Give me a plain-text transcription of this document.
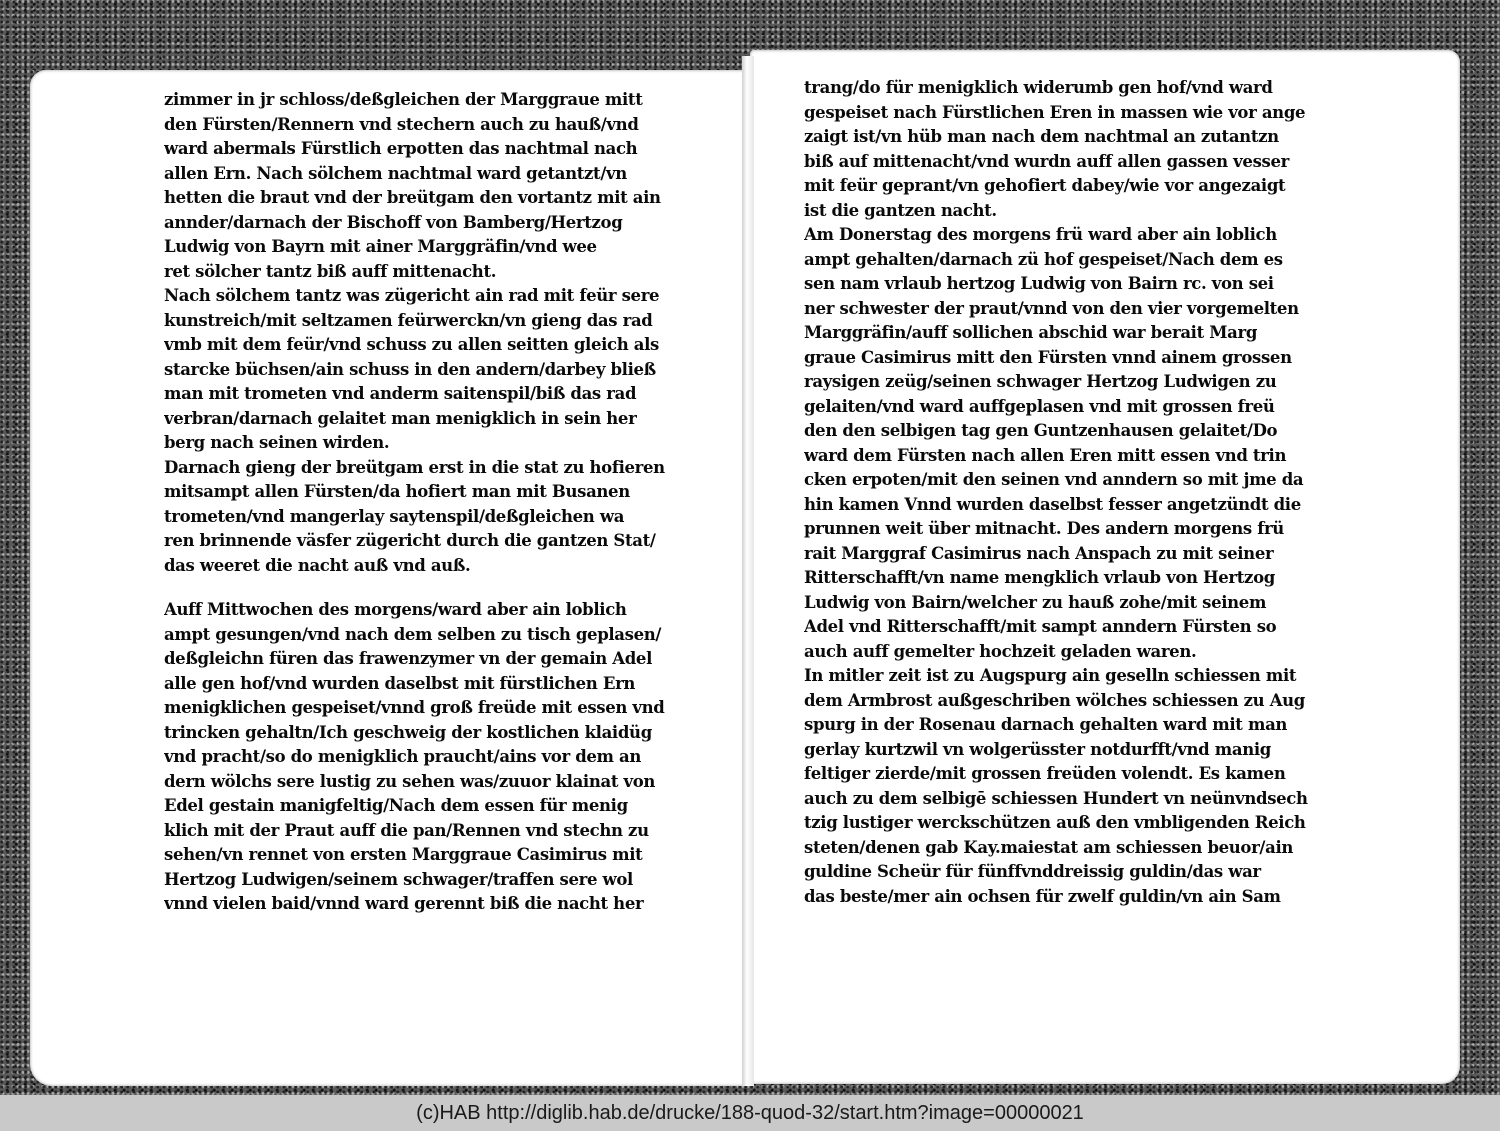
zimmer in jr schloss/deßgleichen der Marggraue mitt
den Fürsten/Rennern vnd stechern auch zu hauß/vnd
ward abermals Fürstlich erpotten das nachtmal nach
allen Ern. Nach sölchem nachtmal ward getantzt/vn
hetten die braut vnd der breütgam den vortantz mit ain
annder/darnach der Bischoff von Bamberg/Hertzog
Ludwig von Bayrn mit ainer Marggräfin/vnd wee
ret sölcher tantz biß auff mittenacht.
Nach sölchem tantz was zügericht ain rad mit feür sere
kunstreich/mit seltzamen feürwerckn/vn gieng das rad
vmb mit dem feür/vnd schuss zu allen seitten gleich als
starcke büchsen/ain schuss in den andern/darbey bließ
man mit trometen vnd anderm saitenspil/biß das rad
verbran/darnach gelaitet man menigklich in sein her
berg nach seinen wirden.
Darnach gieng der breütgam erst in die stat zu hofieren
mitsampt allen Fürsten/da hofiert man mit Busanen
trometen/vnd mangerlay saytenspil/deßgleichen wa
ren brinnende väsfer zügericht durch die gantzen Stat/
das weeret die nacht auß vnd auß.
Auff Mittwochen des morgens/ward aber ain loblich
ampt gesungen/vnd nach dem selben zu tisch geplasen/
deßgleichn füren das frawenzymer vn der gemain Adel
alle gen hof/vnd wurden daselbst mit fürstlichen Ern
menigklichen gespeiset/vnnd groß freüde mit essen vnd
trincken gehaltn/Ich geschweig der kostlichen klaidüg
vnd pracht/so do menigklich praucht/ains vor dem an
dern wölchs sere lustig zu sehen was/zuuor klainat von
Edel gestain manigfeltig/Nach dem essen für menig
klich mit der Praut auff die pan/Rennen vnd stechn zu
sehen/vn rennet von ersten Marggraue Casimirus mit
Hertzog Ludwigen/seinem schwager/traffen sere wol
vnnd vielen baid/vnnd ward gerennt biß die nacht her
trang/do für menigklich widerumb gen hof/vnd ward
gespeiset nach Fürstlichen Eren in massen wie vor ange
zaigt ist/vn hüb man nach dem nachtmal an zutantzn
biß auf mittenacht/vnd wurdn auff allen gassen vesser
mit feür geprant/vn gehofiert dabey/wie vor angezaigt
ist die gantzen nacht.
Am Donerstag des morgens frü ward aber ain loblich
ampt gehalten/darnach zü hof gespeiset/Nach dem es
sen nam vrlaub hertzog Ludwig von Bairn rc. von sei
ner schwester der praut/vnnd von den vier vorgemelten
Marggräfin/auff sollichen abschid war berait Marg
graue Casimirus mitt den Fürsten vnnd ainem grossen
raysigen zeüg/seinen schwager Hertzog Ludwigen zu
gelaiten/vnd ward auffgeplasen vnd mit grossen freü
den den selbigen tag gen Guntzenhausen gelaitet/Do
ward dem Fürsten nach allen Eren mitt essen vnd trin
cken erpoten/mit den seinen vnd anndern so mit jme da
hin kamen Vnnd wurden daselbst fesser angetzündt die
prunnen weit über mitnacht. Des andern morgens frü
rait Marggraf Casimirus nach Anspach zu mit seiner
Ritterschafft/vn name mengklich vrlaub von Hertzog
Ludwig von Bairn/welcher zu hauß zohe/mit seinem
Adel vnd Ritterschafft/mit sampt anndern Fürsten so
auch auff gemelter hochzeit geladen waren.
In mitler zeit ist zu Augspurg ain geselln schiessen mit
dem Armbrost außgeschriben wölches schiessen zu Aug
spurg in der Rosenau darnach gehalten ward mit man
gerlay kurtzwil vn wolgerüsster notdurfft/vnd manig
feltiger zierde/mit grossen freüden volendt. Es kamen
auch zu dem selbigē schiessen Hundert vn neünvndsech
tzig lustiger werckschützen auß den vmbligenden Reich
steten/denen gab Kay.maiestat am schiessen beuor/ain
guldine Scheür für fünffvnddreissig guldin/das war
das beste/mer ain ochsen für zwelf guldin/vn ain Sam
(c)HAB http://diglib.hab.de/drucke/188-quod-32/start.htm?image=00000021
